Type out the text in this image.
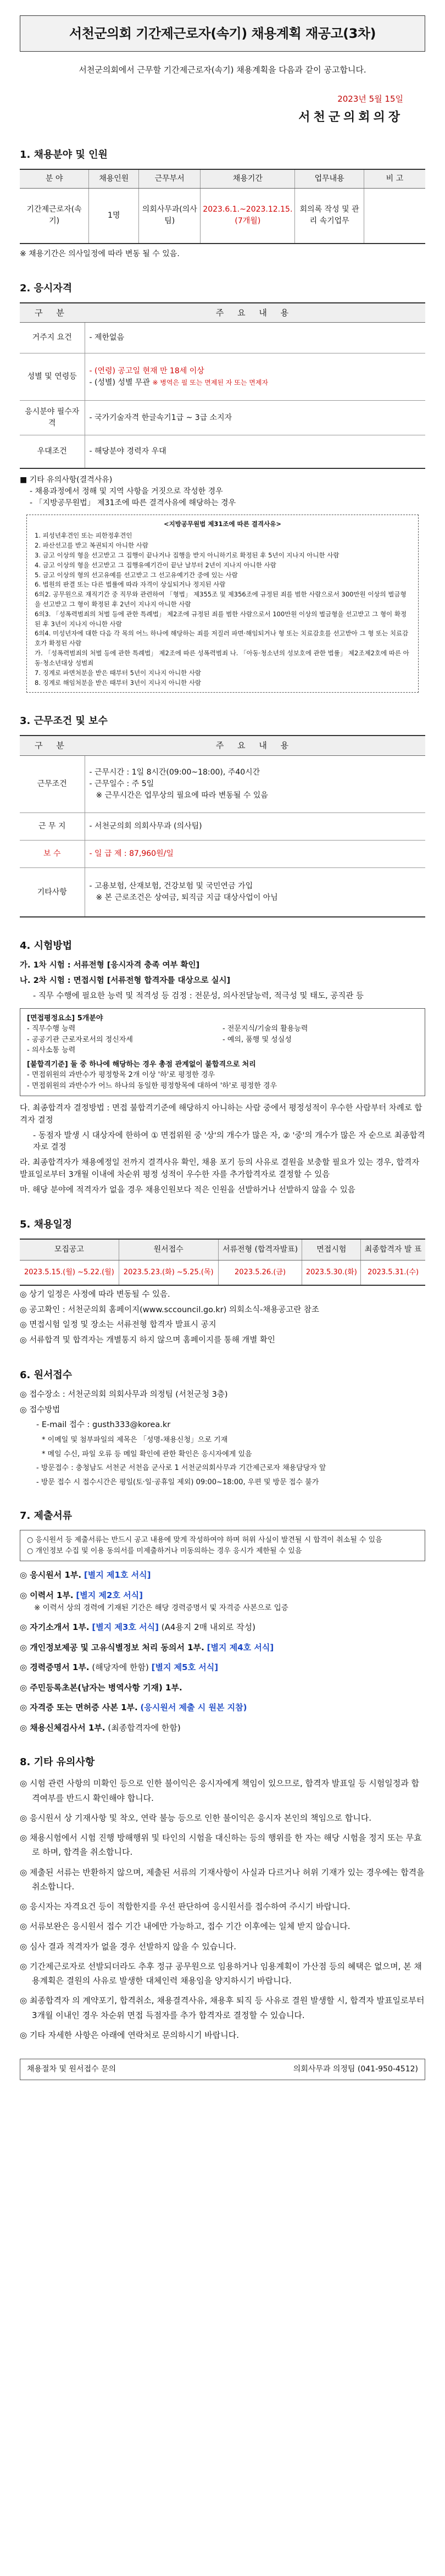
서천군의회 기간제근로자(속기) 채용계획 재공고(3차)
서천군의회에서 근무할 기간제근로자(속기) 채용계획을 다음과 같이 공고합니다.
2023년 5월 15일
서천군의회의장
1. 채용분야 및 인원
분 야	채용인원	근무부서	채용기간	업무내용	비 고
기간제근로자(속기)	1명	의회사무과(의사팀)	2023.6.1.~2023.12.15.(7개월)	회의록 작성 및 관리 속기업무	
※ 채용기간은 의사일정에 따라 변동 될 수 있음.
2. 응시자격
구 분	주 요 내 용
거주지 요건	- 제한없음
성별 및 연령등	- (연령) 공고일 현재 만 18세 이상
- (성별) 성별 무관 ※ 병역은 필 또는 면제된 자 또는 면제자

응시분야 필수자격	- 국가기술자격 한글속기1급 ~ 3급 소지자
우대조건	- 해당분야 경력자 우대
■ 기타 유의사항(결격사유)
- 채용과정에서 정해 및 지역 사항을 거짓으로 작성한 경우
- 「지방공무원법」 제31조에 따른 결격사유에 해당하는 경우
<지방공무원법 제31조에 따른 결격사유>
1. 피성년후견인 또는 피한정후견인
2. 파산선고를 받고 복권되지 아니한 사람
3. 금고 이상의 형을 선고받고 그 집행이 끝나거나 집행을 받지 아니하기로 확정된 후 5년이 지나지 아니한 사람
4. 금고 이상의 형을 선고받고 그 집행유예기간이 끝난 날부터 2년이 지나지 아니한 사람
5. 금고 이상의 형의 선고유예를 선고받고 그 선고유예기간 중에 있는 사람
6. 법원의 판결 또는 다른 법률에 따라 자격이 상실되거나 정지된 사람
6의2. 공무원으로 재직기간 중 직무와 관련하여 「형법」 제355조 및 제356조에 규정된 죄를 범한 사람으로서 300만원 이상의 벌금형을 선고받고 그 형이 확정된 후 2년이 지나지 아니한 사람
6의3. 「성폭력범죄의 처벌 등에 관한 특례법」 제2조에 규정된 죄를 범한 사람으로서 100만원 이상의 벌금형을 선고받고 그 형이 확정된 후 3년이 지나지 아니한 사람
6의4. 미성년자에 대한 다음 각 목의 어느 하나에 해당하는 죄를 저질러 파면·해임되거나 형 또는 치료감호를 선고받아 그 형 또는 치료감호가 확정된 사람
가. 「성폭력범죄의 처벌 등에 관한 특례법」 제2조에 따른 성폭력범죄 나. 「아동·청소년의 성보호에 관한 법률」 제2조제2호에 따른 아동·청소년대상 성범죄
7. 징계로 파면처분을 받은 때부터 5년이 지나지 아니한 사람
8. 징계로 해임처분을 받은 때부터 3년이 지나지 아니한 사람
3. 근무조건 및 보수
구 분	주 요 내 용
근무조건	- 근무시간 : 1일 8시간(09:00~18:00), 주40시간
- 근무일수 : 주 5일
※ 근무시간은 업무상의 필요에 따라 변동될 수 있음

근 무 지	- 서천군의회 의회사무과 (의사팀)
보 수	- 일 급 제 : 87,960원/일
기타사항	- 고용보험, 산재보험, 건강보험 및 국민연금 가입
※ 본 근로조건은 상여금, 퇴직금 지급 대상사업이 아님
4. 시험방법
가. 1차 시험 : 서류전형 [응시자격 충족 여부 확인]
나. 2차 시험 : 면접시험 [서류전형 합격자를 대상으로 실시]
- 직무 수행에 필요한 능력 및 적격성 등 검정 : 전문성, 의사전달능력, 적극성 및 태도, 공직관 등
[면접평정요소] 5개분야
- 직무수행 능력	- 전문지식/기술의 활용능력
- 공공기관 근로자로서의 정신자세	- 예의, 품행 및 성실성
- 의사소통 능력
[불합격기준] 둘 중 하나에 해당하는 경우 총점 관계없이 불합격으로 처리
- 면접위원의 과반수가 평정항목 2개 이상 '하'로 평정한 경우
- 면접위원의 과반수가 어느 하나의 동일한 평정항목에 대하여 '하'로 평정한 경우
다. 최종합격자 결정방법 : 면접 불합격기준에 해당하지 아니하는 사람 중에서 평정성적이 우수한 사람부터 차례로 합격자 결정
- 동점자 발생 시 대상자에 한하여 ① 면접위원 중 '상'의 개수가 많은 자, ② '중'의 개수가 많은 자 순으로 최종합격자로 결정
라. 최종합격자가 채용예정일 전까지 결격사유 확인, 채용 포기 등의 사유로 결원을 보충할 필요가 있는 경우, 합격자 발표일로부터 3개월 이내에 차순위 평정 성적이 우수한 자를 추가합격자로 결정할 수 있음
마. 해당 분야에 적격자가 없을 경우 채용인원보다 적은 인원을 선발하거나 선발하지 않을 수 있음
5. 채용일정
모집공고	원서접수	서류전형 (합격자발표)	면접시험	최종합격자 발 표
2023.5.15.(월) ~5.22.(월)	2023.5.23.(화) ~5.25.(목)	2023.5.26.(금)	2023.5.30.(화)	2023.5.31.(수)
◎ 상기 일정은 사정에 따라 변동될 수 있음.
◎ 공고확인 : 서천군의회 홈페이지(www.sccouncil.go.kr) 의회소식-채용공고란 참조
◎ 면접시험 일정 및 장소는 서류전형 합격자 발표시 공지
◎ 서류합격 및 합격자는 개별통지 하지 않으며 홈페이지를 통해 개별 확인
6. 원서접수
◎ 접수장소 : 서천군의회 의회사무과 의정팀 (서천군청 3층)
◎ 접수방법
- E-mail 접수 : gusth333@korea.kr
* 이메일 및 첨부파일의 제목은 「성명-채용신청」으로 기재
* 메일 수신, 파일 오류 등 메일 확인에 관한 확인은 응시자에게 있음
- 방문접수 : 충청남도 서천군 서천읍 군사로 1 서천군의회사무과 기간제근로자 채용담당자 앞
- 방문 접수 시 접수시간은 평일(토·일·공휴일 제외) 09:00~18:00, 우편 및 방문 접수 불가
7. 제출서류
○ 응시원서 등 제출서류는 반드시 공고 내용에 맞게 작성하여야 하며 허위 사실이 발견될 시 합격이 취소될 수 있음
○ 개인정보 수집 및 이용 동의서를 미제출하거나 미동의하는 경우 응시가 제한될 수 있음
◎ 응시원서 1부. [별지 제1호 서식]
◎ 이력서 1부. [별지 제2호 서식]
※ 이력서 상의 경력에 기재된 기간은 해당 경력증명서 및 자격증 사본으로 입증
◎ 자기소개서 1부. [별지 제3호 서식] (A4용지 2매 내외로 작성)
◎ 개인정보제공 및 고유식별정보 처리 동의서 1부. [별지 제4호 서식]
◎ 경력증명서 1부. (해당자에 한함) [별지 제5호 서식]
◎ 주민등록초본(남자는 병역사항 기재) 1부.
◎ 자격증 또는 면허증 사본 1부. (응시원서 제출 시 원본 지참)
◎ 채용신체검사서 1부. (최종합격자에 한함)
8. 기타 유의사항
◎ 시험 관련 사항의 미확인 등으로 인한 불이익은 응시자에게 책임이 있으므로, 합격자 발표일 등 시험일정과 합격여부를 반드시 확인해야 합니다.
◎ 응시원서 상 기재사항 및 착오, 연락 불능 등으로 인한 불이익은 응시자 본인의 책임으로 합니다.
◎ 채용시험에서 시험 진행 방해행위 및 타인의 시험을 대신하는 등의 행위를 한 자는 해당 시험을 정지 또는 무효로 하며, 합격을 취소합니다.
◎ 제출된 서류는 반환하지 않으며, 제출된 서류의 기재사항이 사실과 다르거나 허위 기재가 있는 경우에는 합격을 취소합니다.
◎ 응시자는 자격요건 등이 적합한지를 우선 판단하여 응시원서를 접수하여 주시기 바랍니다.
◎ 서류보완은 응시원서 접수 기간 내에만 가능하고, 접수 기간 이후에는 일체 받지 않습니다.
◎ 심사 결과 적격자가 없을 경우 선발하지 않을 수 있습니다.
◎ 기간제근로자로 선발되더라도 추후 정규 공무원으로 임용하거나 임용계획이 가산점 등의 혜택은 없으며, 본 채용계획은 결원의 사유로 발생한 대체인력 채용임을 양지하시기 바랍니다.
◎ 최종합격자 의 계약포기, 합격취소, 채용결격사유, 채용후 퇴직 등 사유로 결원 발생할 시, 합격자 발표일로부터 3개월 이내인 경우 차순위 면접 득점자를 추가 합격자로 결정할 수 있습니다.
◎ 기타 자세한 사항은 아래에 연락처로 문의하시기 바랍니다.
채용절차 및 원서접수 문의	의회사무과 의정팀 (041-950-4512)
